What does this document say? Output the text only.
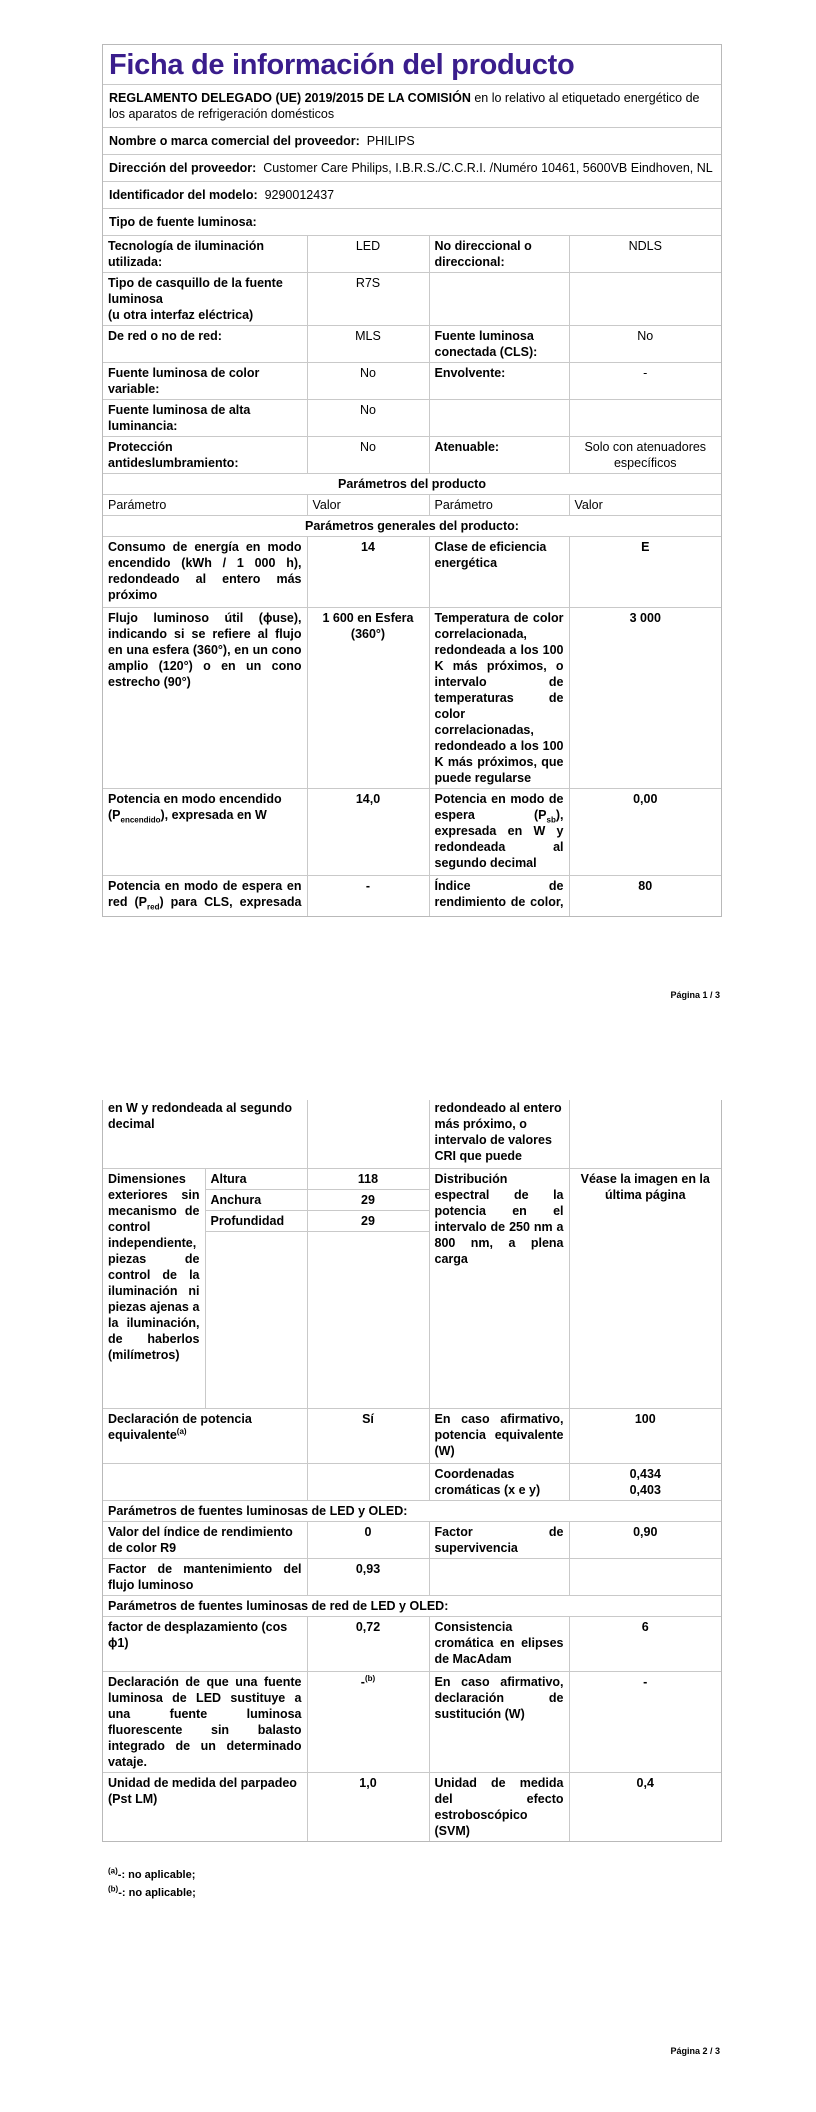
Ficha de información del producto
REGLAMENTO DELEGADO (UE) 2019/2015 DE LA COMISIÓN en lo relativo al etiquetado energético de los aparatos de refrigeración domésticos
Nombre o marca comercial del proveedor: PHILIPS
Dirección del proveedor: Customer Care Philips, I.B.R.S./C.C.R.I. /Numéro 10461, 5600VB Eindhoven, NL
Identificador del modelo: 9290012437
Tipo de fuente luminosa:
Tecnología de iluminación utilizada:	LED	No direccional o direccional:	NDLS

Tipo de casquillo de la fuente luminosa
(u otra interfaz eléctrica)	R7S		
De red o no de red:	MLS	Fuente luminosa conectada (CLS):	No
Fuente luminosa de color variable:	No	Envolvente:	-
Fuente luminosa de alta luminancia:	No		
Protección antideslumbramiento:	No	Atenuable:	Solo con atenuadores específicos
Parámetros del producto			
Parámetro	Valor	Parámetro	Valor
Parámetros generales del producto:			
Consumo de energía en modo encendido (kWh / 1 000 h), redondeado al entero más próximo	14	Clase de eficiencia energética	E
Flujo luminoso útil (ɸuse), indicando si se refiere al flujo en una esfera (360°), en un cono amplio (120°) o en un cono estrecho (90°)	1 600 en Esfera (360°)	Temperatura de color correlacionada, redondeada a los 100 K más próximos, o intervalo de temperaturas de color correlacionadas, redondeado a los 100 K más próximos, que puede regularse	3 000
Potencia en modo encendido $(P_{encendido})$, expresada en W	14,0	Potencia en modo de espera $(P_{sb})$, expresada en W y redondeada al segundo decimal	0,00

Potencia en modo de espera en red $(P_{red})$ para CLS, expresada	-	Índice de rendimiento de color,	80
Página 1 / 3
en W y redondeada al segundo decimal			redondeado al entero más próximo, o intervalo de valores CRI que puede	

Dimensiones exteriores sin mecanismo de control independiente, piezas de control de la iluminación ni piezas ajenas a la iluminación, de haberlos (milímetros)	Altura	118	Distribución espectral de la potencia en el intervalo de 250 nm a 800 nm, a plena carga	Véase la imagen en la última página
	Anchura	29		
	Profundidad	29		

Declaración de potencia equivalente$^{(a)}$		Sí	En caso afirmativo, potencia equivalente (W)	100
			Coordenadas cromáticas (x e y)	0,434
0,403

Parámetros de fuentes luminosas de LED y OLED:				
Valor del índice de rendimiento de color R9		0	Factor de supervivencia	0,90
Factor de mantenimiento del flujo luminoso		0,93		
Parámetros de fuentes luminosas de red de LED y OLED:				
factor de desplazamiento (cos ϕ1)		0,72	Consistencia cromática en elipses de MacAdam	6
Declaración de que una fuente luminosa de LED sustituye a una fuente luminosa fluorescente sin balasto integrado de un determinado vataje.		-$^{(b)}$	En caso afirmativo, declaración de sustitución (W)	-
Unidad de medida del parpadeo (Pst LM)		1,0	Unidad de medida del efecto estroboscópico (SVM)	0,4
$^{(a)}$-: no aplicable;
$^{(b)}$-: no aplicable;
Página 2 / 3
